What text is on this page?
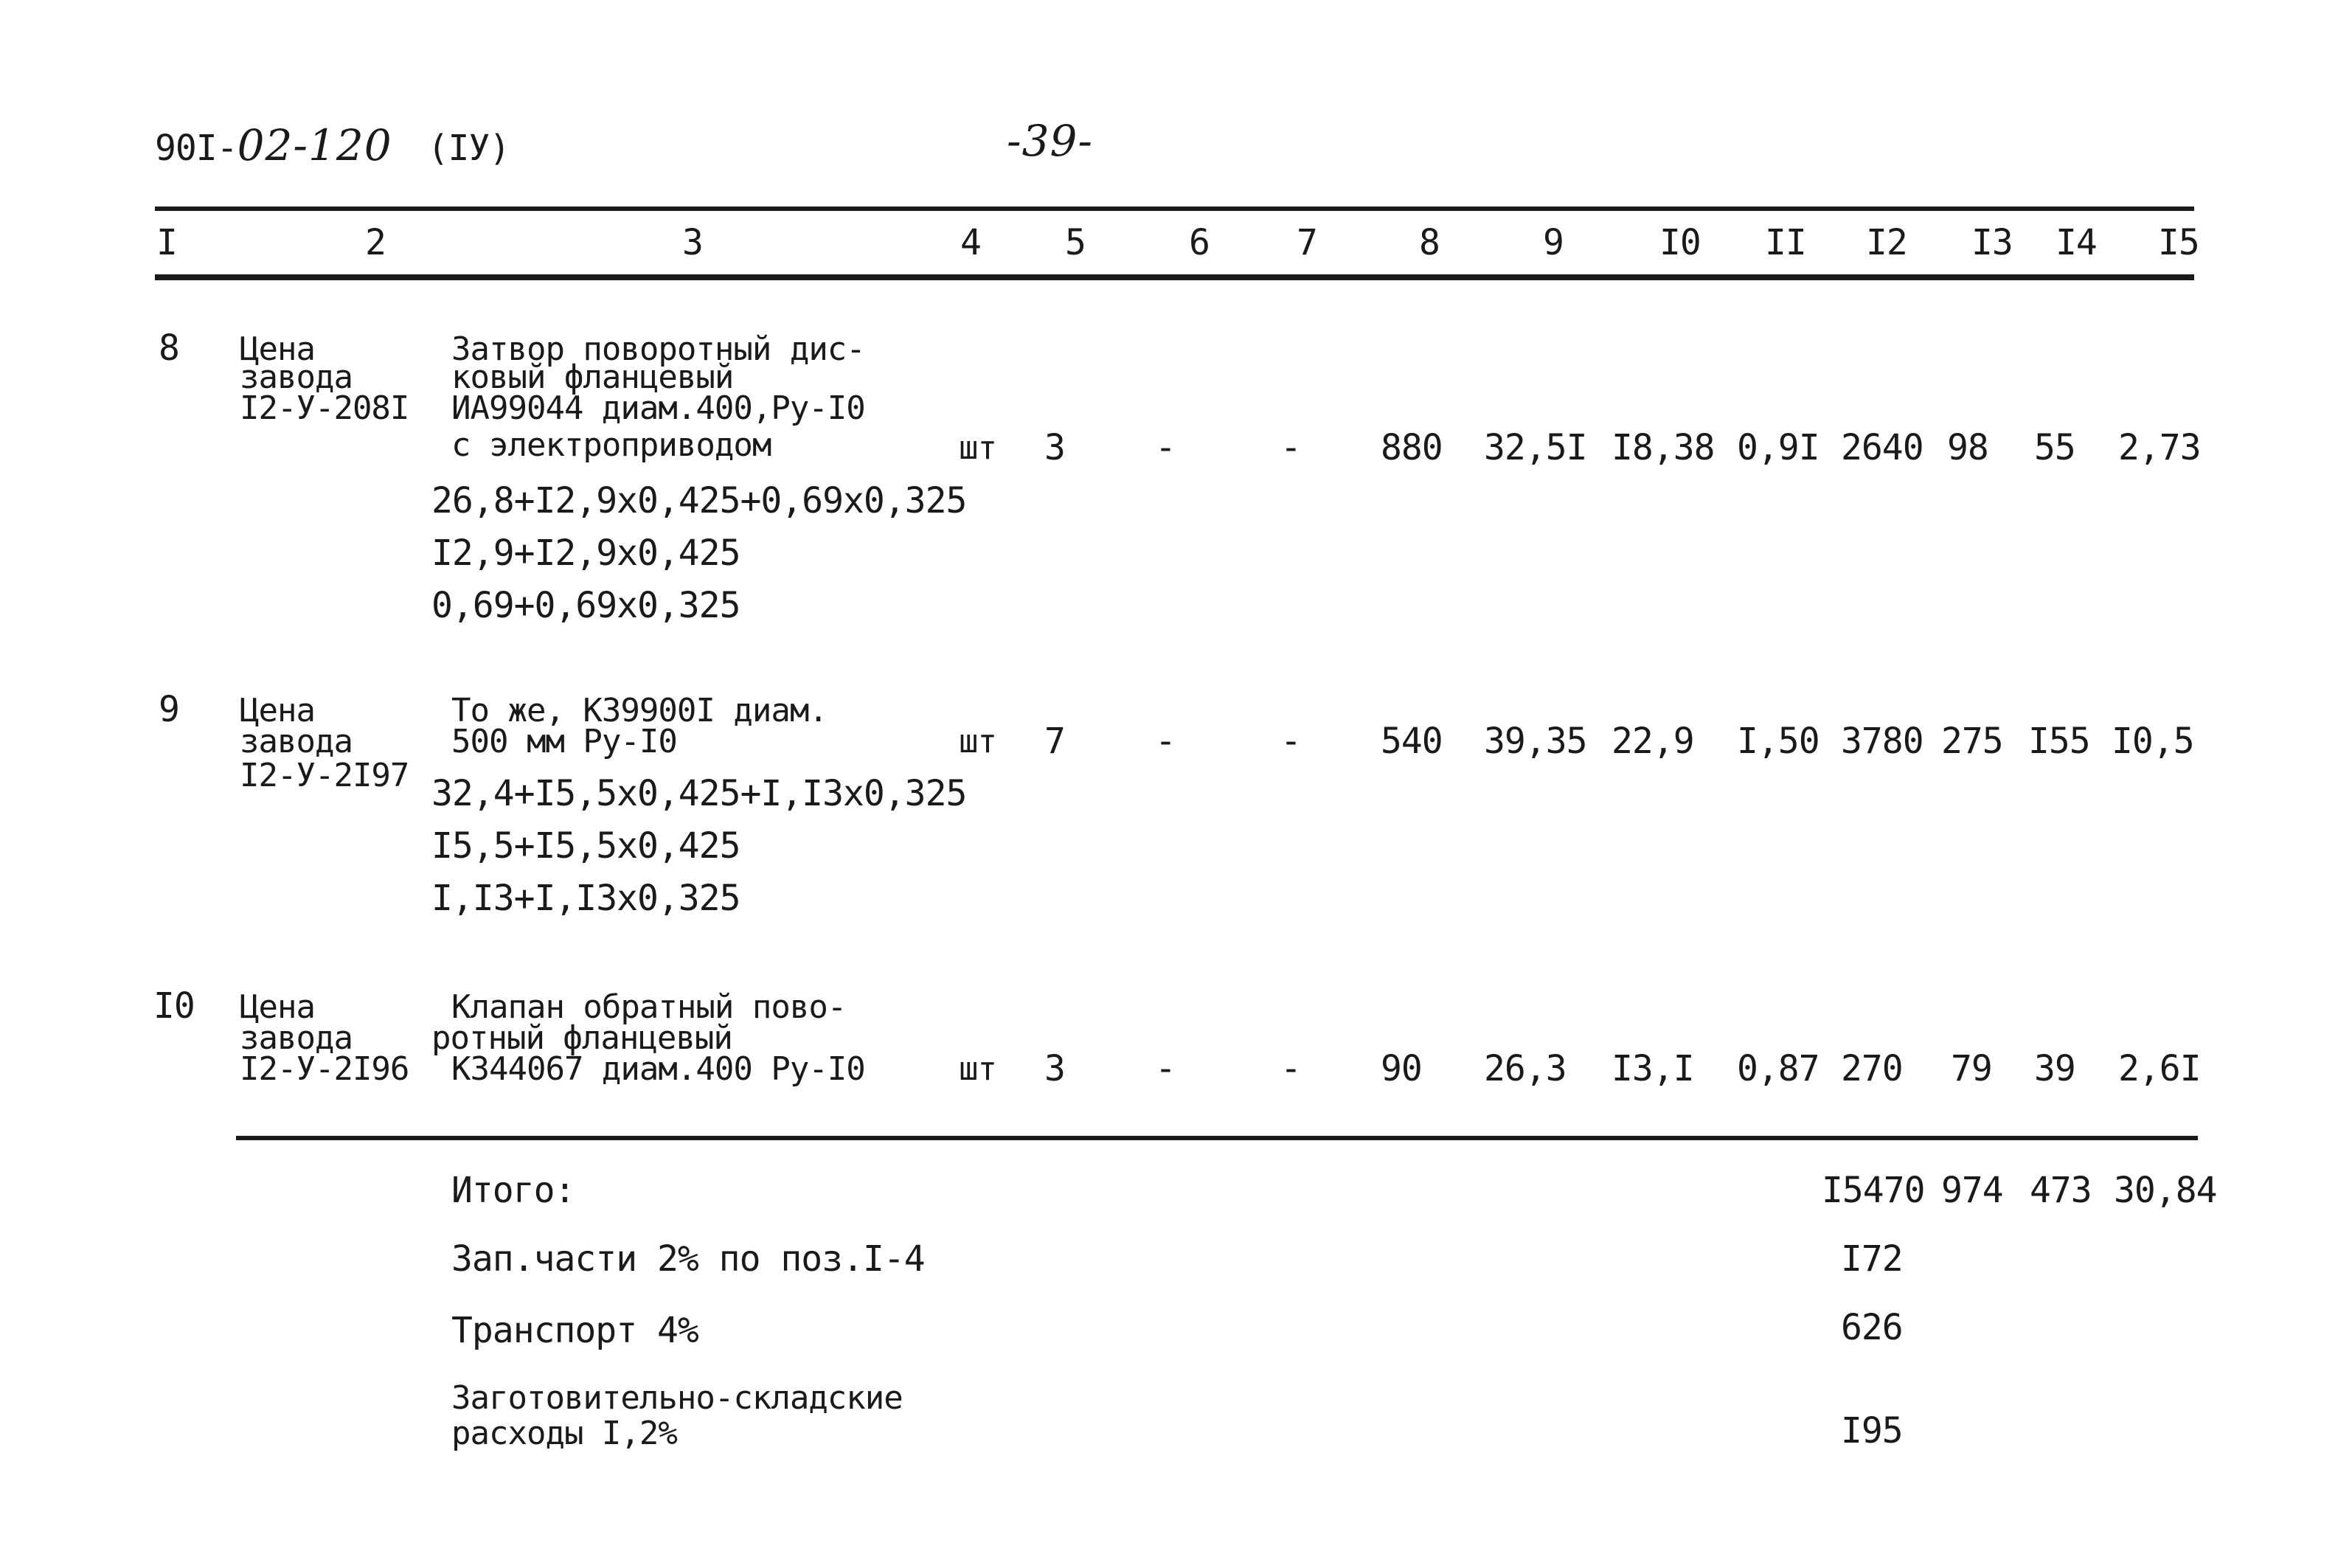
90I-02-120 (IУ)	-39-
I	2	3	4 5	6 7	8	9	I0 II I2 I3 I4 I5
8 Цена
завода
I2-У-208I
Затвор поворотный дис-
ковый фланцевый
ИА99044 диам.400,Ру-I0
с электроприводом
26,8+I2,9x0,425+0,69x0,325
I2,9+I2,9x0,425
0,69+0,69x0,325
шт 3	-	- 880 32,5I I8,38 0,9I 2640 98 55 2,73
9 Цена
завода
I2-У-2I97
То же, К39900I диам.
500 мм Ру-I0
32,4+I5,5x0,425+I,I3x0,325
I5,5+I5,5x0,425
I,I3+I,I3x0,325
шт 7	-	- 540 39,35 22,9 I,50 3780 275 I55 I0,5
I0 Цена
завода
I2-У-2I96
Клапан обратный пово-
ротный фланцевый
К344067 диам.400 Ру-I0	шт 3	-	- 90 26,3 I3,I 0,87 270 79 39 2,6I
Итого:	I5470 974 473 30,84
Зап.части 2% по поз.I-4	I72
Транспорт 4%	626
Заготовительно-складские
расходы I,2%	I95
